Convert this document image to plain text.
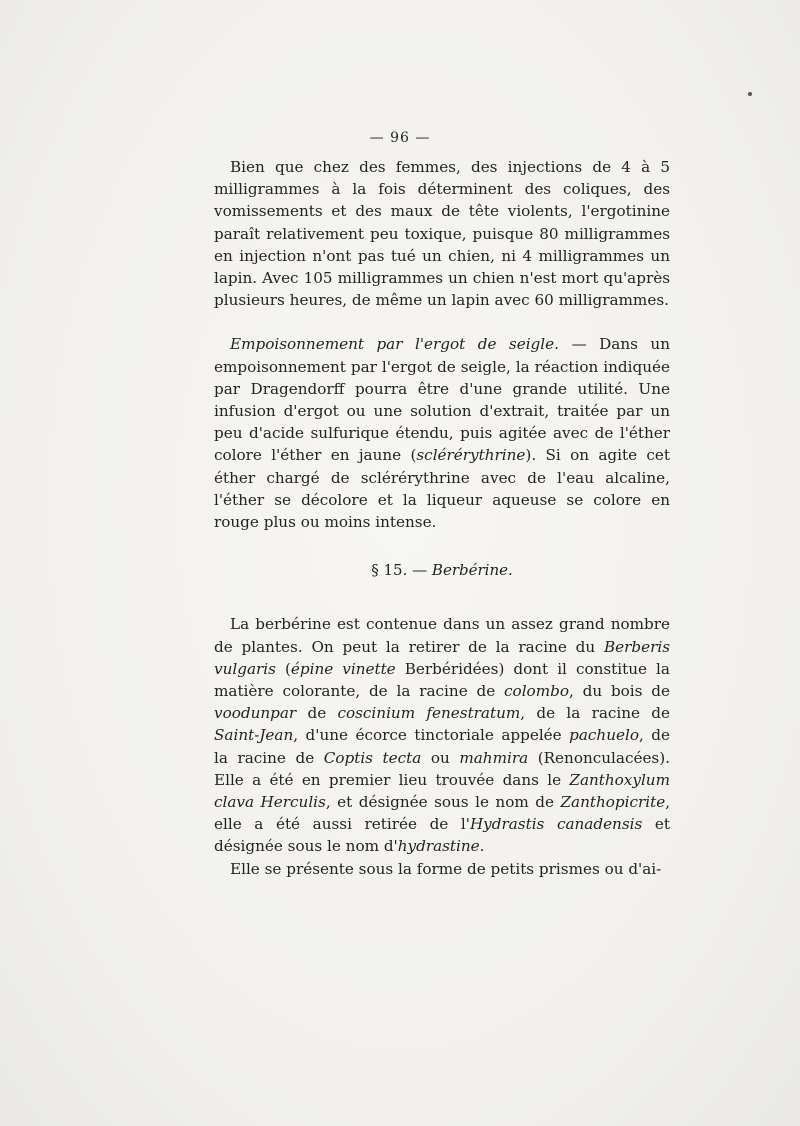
— 96 —

Bien que chez des femmes, des injections de 4 à 5 milligrammes à la fois déterminent des coliques, des vomissements et des maux de tête violents, l'ergotinine paraît relativement peu toxique, puisque 80 milligrammes en injection n'ont pas tué un chien, ni 4 milligrammes un lapin. Avec 105 milligrammes un chien n'est mort qu'après plusieurs heures, de même un lapin avec 60 milligrammes.

Empoisonnement par l'ergot de seigle. — Dans un empoisonnement par l'ergot de seigle, la réaction indiquée par Dragendorff pourra être d'une grande utilité. Une infusion d'ergot ou une solution d'extrait, traitée par un peu d'acide sulfurique étendu, puis agitée avec de l'éther colore l'éther en jaune (sclérérythrine). Si on agite cet éther chargé de sclérérythrine avec de l'eau alcaline, l'éther se décolore et la liqueur aqueuse se colore en rouge plus ou moins intense.

§ 15. — Berbérine.

La berbérine est contenue dans un assez grand nombre de plantes. On peut la retirer de la racine du Berberis vulgaris (épine vinette Berbéridées) dont il constitue la matière colorante, de la racine de colombo, du bois de voodunpar de coscinium fenestratum, de la racine de Saint-Jean, d'une écorce tinctoriale appelée pachuelo, de la racine de Coptis tecta ou mahmira (Renonculacées). Elle a été en premier lieu trouvée dans le Zanthoxylum clava Herculis, et désignée sous le nom de Zanthopicrite, elle a été aussi retirée de l'Hydrastis canadensis et désignée sous le nom d'hydrastine.

Elle se présente sous la forme de petits prismes ou d'ai-
